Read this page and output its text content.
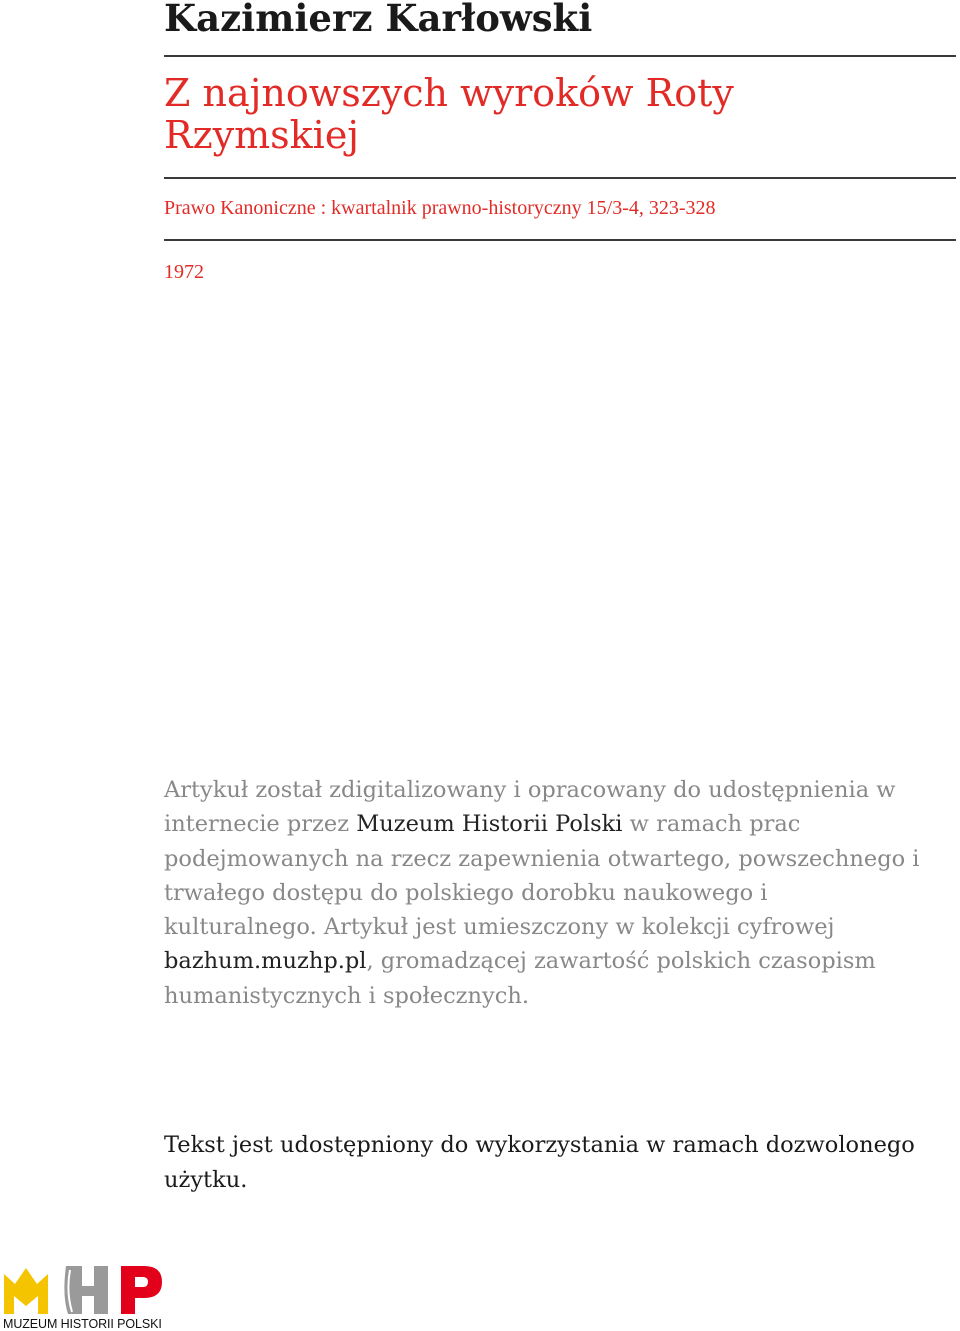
Kazimierz Karłowski
Z najnowszych wyroków Roty Rzymskiej

Prawo Kanoniczne : kwartalnik prawno-historyczny 15/3-4, 323-328

1972

Artykuł został zdigitalizowany i opracowany do udostępnienia w internecie przez Muzeum Historii Polski w ramach prac podejmowanych na rzecz zapewnienia otwartego, powszechnego i trwałego dostępu do polskiego dorobku naukowego i kulturalnego. Artykuł jest umieszczony w kolekcji cyfrowej bazhum.muzhp.pl, gromadzącej zawartość polskich czasopism humanistycznych i społecznych.

Tekst jest udostępniony do wykorzystania w ramach dozwolonego użytku.

MUZEUM HISTORII POLSKI
